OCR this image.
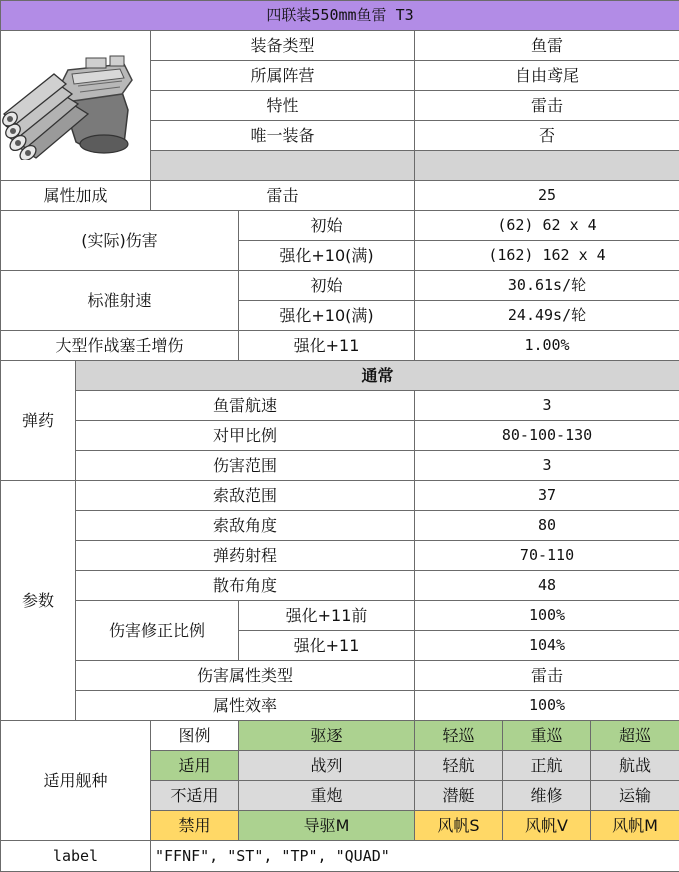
四联装550mm鱼雷 T3							

	装备类型		鱼雷			
		所属阵营		自由鸢尾			
		特性		雷击			
		唯一装备		否			

属性加成		雷击		25			
(实际)伤害			初始	(62) 62 x 4			
			强化+10(满)	(162) 162 x 4			
标准射速			初始	30.61s/轮			
			强化+10(满)	24.49s/轮			
大型作战塞壬增伤			强化+11	1.00%			
弹药	通常						
	鱼雷航速			3			
	对甲比例			80-100-130			
	伤害范围			3			
参数	索敌范围			37			
	索敌角度			80			
	弹药射程			70-110			
	散布角度			48			
	伤害修正比例		强化+11前	100%			
			强化+11	104%			
	伤害属性类型			雷击			
	属性效率			100%			
适用舰种		图例	驱逐	轻巡	重巡	超巡	
		适用	战列	轻航	正航	航战	
		不适用	重炮	潜艇	维修	运输	
		禁用	导驱M	风帆S	风帆V	风帆M	
label		"FFNF", "ST", "TP", "QUAD"					
